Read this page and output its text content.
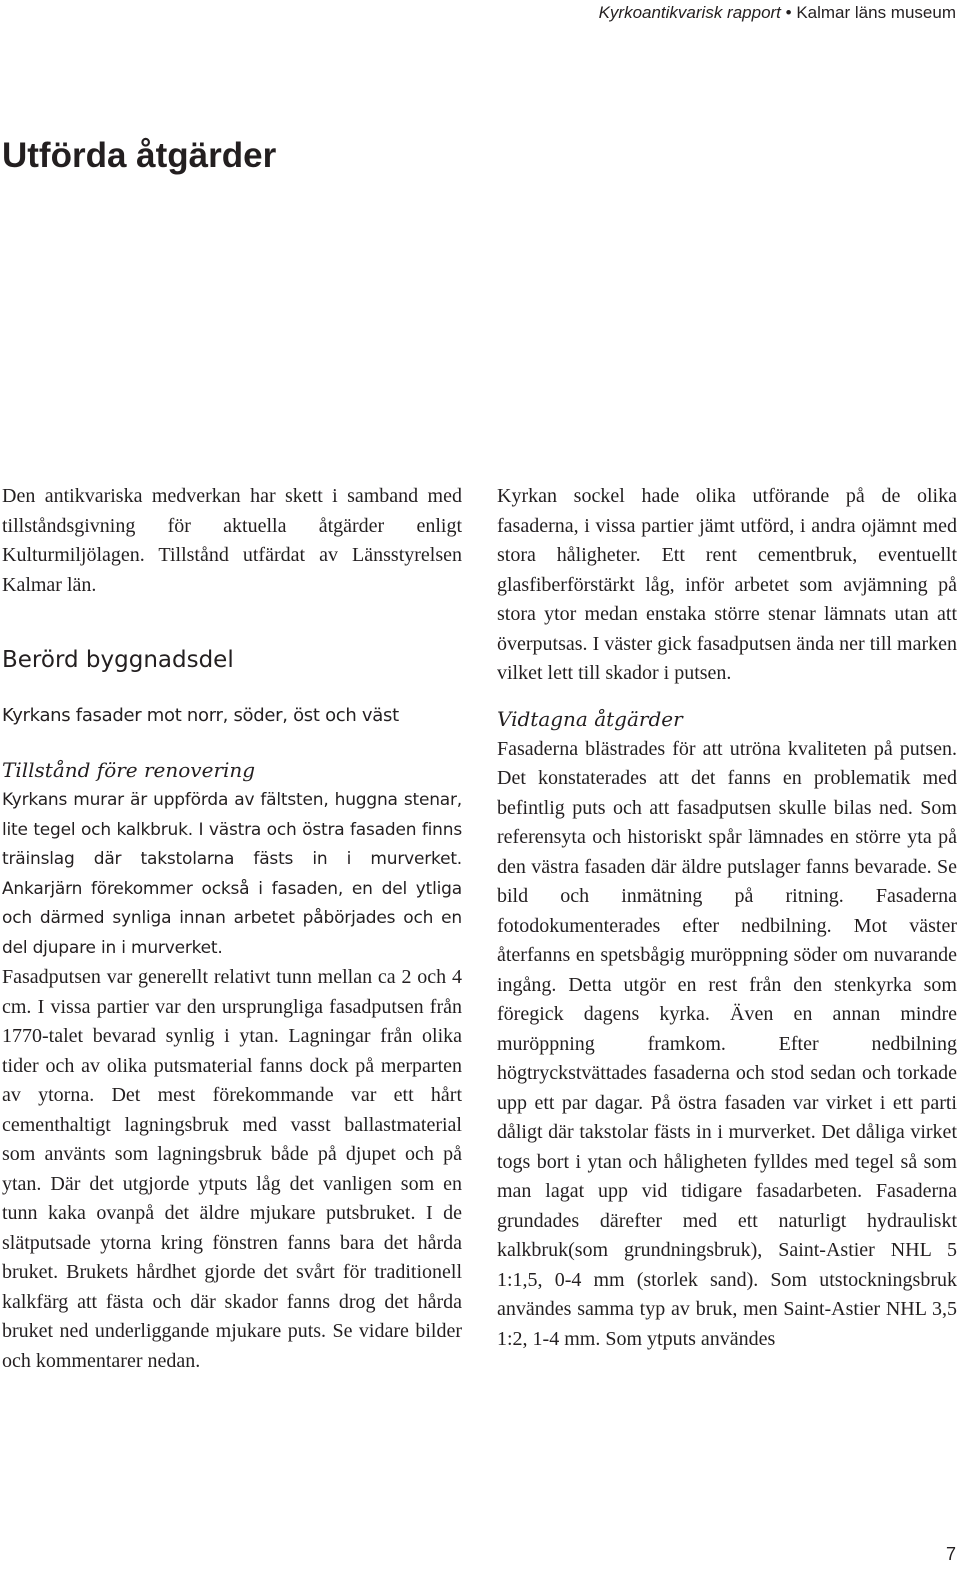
Kyrkoantikvarisk rapport • Kalmar läns museum
Utförda åtgärder

Den antikvariska medverkan har skett i samband med tillståndsgivning för aktuella åtgärder enligt Kulturmiljölagen. Tillstånd utfärdat av Länsstyrelsen Kalmar län.

Berörd byggnadsdel
Kyrkans fasader mot norr, söder, öst och väst
Tillstånd före renovering

Kyrkans murar är uppförda av fältsten, huggna stenar, lite tegel och kalkbruk. I västra och östra fasaden finns träinslag där takstolarna fästs in i murverket. Ankarjärn förekommer också i fasaden, en del ytliga och därmed synliga innan arbetet påbörjades och en del djupare in i murverket.

Fasadputsen var generellt relativt tunn mellan ca 2 och 4 cm. I vissa partier var den ursprungliga fasadputsen från 1770-talet bevarad synlig i ytan. Lagningar från olika tider och av olika putsmaterial fanns dock på merparten av ytorna. Det mest förekommande var ett hårt cementhaltigt lagningsbruk med vasst ballastmaterial som använts som lagningsbruk både på djupet och på ytan. Där det utgjorde ytputs låg det vanligen som en tunn kaka ovanpå det äldre mjukare putsbruket. I de slätputsade ytorna kring fönstren fanns bara det hårda bruket. Brukets hårdhet gjorde det svårt för traditionell kalkfärg att fästa och där skador fanns drog det hårda bruket ned underliggande mjukare puts. Se vidare bilder och kommentarer nedan.

Kyrkan sockel hade olika utförande på de olika fasaderna, i vissa partier jämt utförd, i andra ojämnt med stora håligheter. Ett rent cementbruk, eventuellt glasfiberförstärkt låg, inför arbetet som avjämning på stora ytor medan enstaka större stenar lämnats utan att överputsas. I väster gick fasadputsen ända ner till marken vilket lett till skador i putsen.

Vidtagna åtgärder

Fasaderna blästrades för att utröna kvaliteten på putsen. Det konstaterades att det fanns en problematik med befintlig puts och att fasadputsen skulle bilas ned. Som referensyta och historiskt spår lämnades en större yta på den västra fasaden där äldre putslager fanns bevarade. Se bild och inmätning på ritning. Fasaderna fotodokumenterades efter nedbilning. Mot väster återfanns en spetsbågig muröppning söder om nuvarande ingång. Detta utgör en rest från den stenkyrka som föregick dagens kyrka. Även en annan mindre muröppning framkom. Efter nedbilning högtryckstvättades fasaderna och stod sedan och torkade upp ett par dagar. På östra fasaden var virket i ett parti dåligt där takstolar fästs in i murverket. Det dåliga virket togs bort i ytan och håligheten fylldes med tegel så som man lagat upp vid tidigare fasadarbeten. Fasaderna grundades därefter med ett naturligt hydrauliskt kalkbruk(som grundningsbruk), Saint-Astier NHL 5 1:1,5, 0-4 mm (storlek sand). Som utstockningsbruk användes samma typ av bruk, men Saint-Astier NHL 3,5 1:2, 1-4 mm. Som ytputs användes

7
